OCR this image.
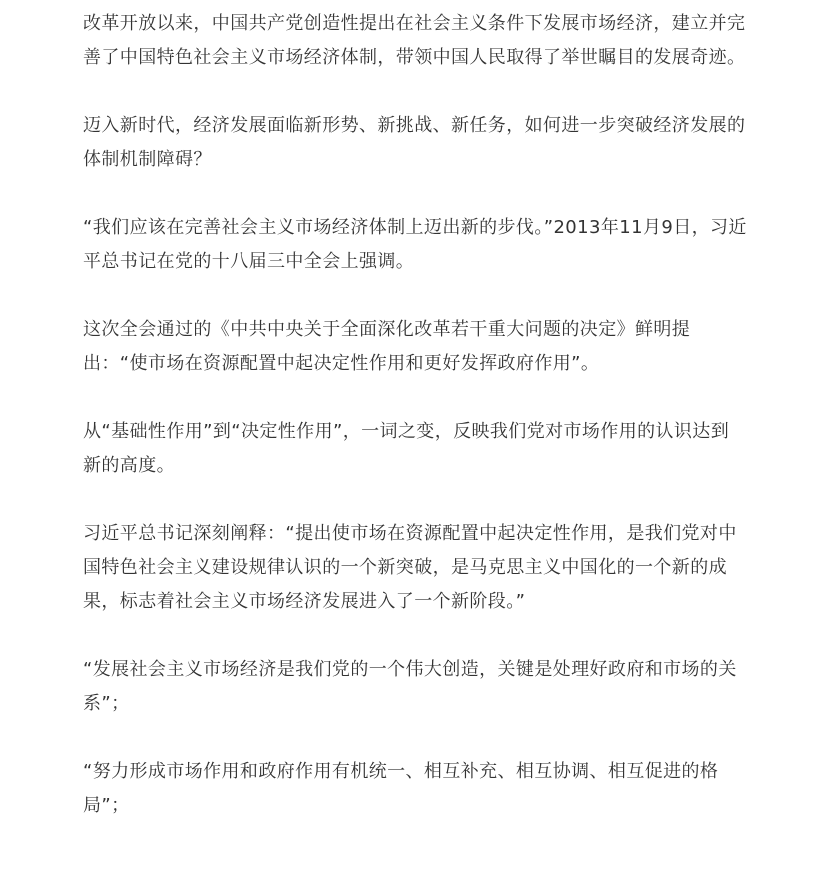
改革开放以来，中国共产党创造性提出在社会主义条件下发展市场经济，建立并完善了中国特色社会主义市场经济体制，带领中国人民取得了举世瞩目的发展奇迹。

迈入新时代，经济发展面临新形势、新挑战、新任务，如何进一步突破经济发展的体制机制障碍？

“我们应该在完善社会主义市场经济体制上迈出新的步伐。”2013年11月9日，习近平总书记在党的十八届三中全会上强调。

这次全会通过的《中共中央关于全面深化改革若干重大问题的决定》鲜明提出：“使市场在资源配置中起决定性作用和更好发挥政府作用”。

从“基础性作用”到“决定性作用”，一词之变，反映我们党对市场作用的认识达到新的高度。

习近平总书记深刻阐释：“提出使市场在资源配置中起决定性作用，是我们党对中国特色社会主义建设规律认识的一个新突破，是马克思主义中国化的一个新的成果，标志着社会主义市场经济发展进入了一个新阶段。”

“发展社会主义市场经济是我们党的一个伟大创造，关键是处理好政府和市场的关系”；

“努力形成市场作用和政府作用有机统一、相互补充、相互协调、相互促进的格局”；
